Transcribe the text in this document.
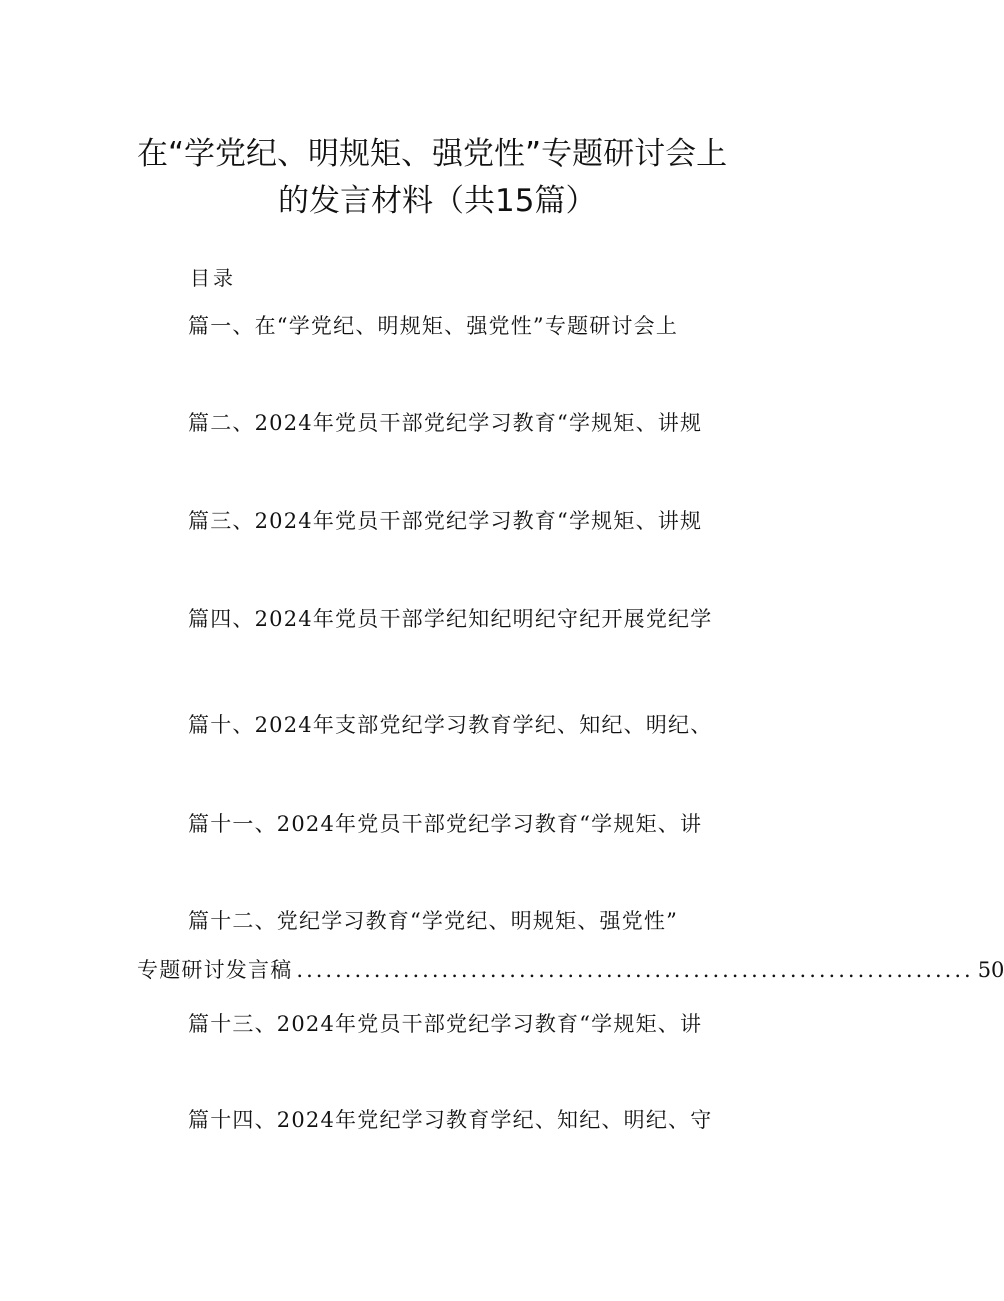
在“学党纪、明规矩、强党性”专题研讨会上
的发言材料（共15篇）
目录
篇一、在“学党纪、明规矩、强党性”专题研讨会上
篇二、2024年党员干部党纪学习教育“学规矩、讲规
篇三、2024年党员干部党纪学习教育“学规矩、讲规
篇四、2024年党员干部学纪知纪明纪守纪开展党纪学
篇十、2024年支部党纪学习教育学纪、知纪、明纪、
篇十一、2024年党员干部党纪学习教育“学规矩、讲
篇十二、党纪学习教育“学党纪、明规矩、强党性”
专题研讨发言稿 ...................................................................... 50
篇十三、2024年党员干部党纪学习教育“学规矩、讲
篇十四、2024年党纪学习教育学纪、知纪、明纪、守
